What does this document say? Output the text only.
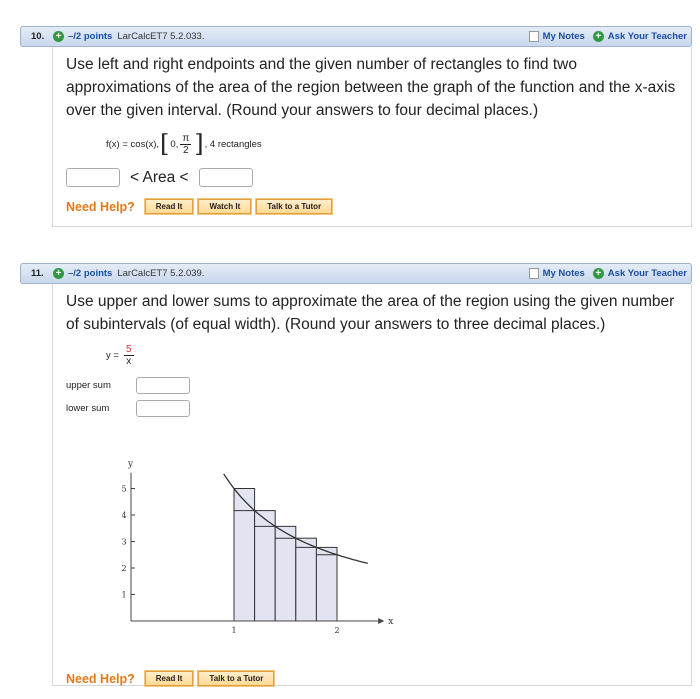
10.	+ –/2 points LarCalcET7 5.2.033.	My Notes + Ask Your Teacher
Use left and right endpoints and the given number of rectangles to find two approximations of the area of the region between the graph of the function and the x-axis over the given interval. (Round your answers to four decimal places.)
f(x) = cos(x), [ 0, $\frac{\pi}{2}$ ] , 4 rectangles
< Area <
Need Help?	Read It	Watch It	Talk to a Tutor
11.	+ –/2 points LarCalcET7 5.2.039.	My Notes + Ask Your Teacher
Use upper and lower sums to approximate the area of the region using the given number of subintervals (of equal width). (Round your answers to three decimal places.)
$y = \frac{5}{x}$
upper sum
lower sum
x
y
1
2
3
4
5
1	2
Need Help?	Read It	Talk to a Tutor
